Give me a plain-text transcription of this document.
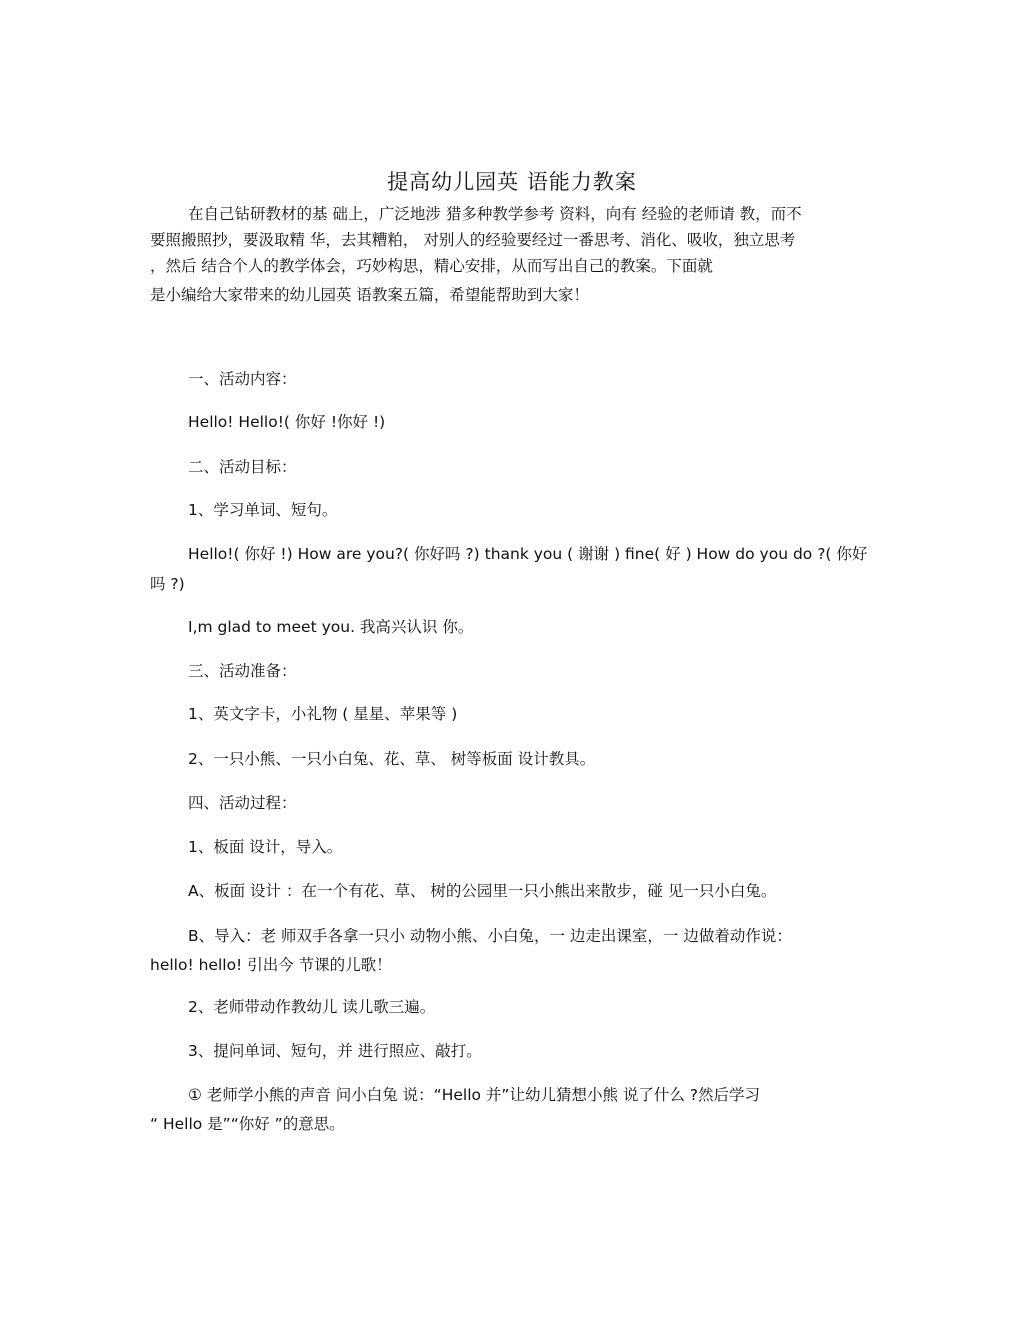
提高幼儿园英 语能力教案
在自己钻研教材的基 础上，广泛地涉 猎多种教学参考 资料，向有 经验的老师请 教，而不
要照搬照抄，要汲取精 华，去其糟粕， 对别人的经验要经过一番思考、消化、吸收，独立思考
，然后 结合个人的教学体会，巧妙构思，精心安排，从而写出自己的教案。下面就
是小编给大家带来的幼儿园英 语教案五篇，希望能帮助到大家！
一、活动内容：
Hello! Hello!( 你好 !你好 !)
二、活动目标：
1、学习单词、短句。
Hello!( 你好 !) How are you?( 你好吗 ?) thank you ( 谢谢 ) fine( 好 ) How do you do ?( 你好
吗 ?)
I,m glad to meet you. 我高兴认识 你。
三、活动准备：
1、英文字卡，小礼物 ( 星星、苹果等 )
2、一只小熊、一只小白兔、花、草、 树等板面 设计教具。
四、活动过程：
1、板面 设计，导入。
A、板面 设计 ：在一个有花、草、 树的公园里一只小熊出来散步，碰 见一只小白兔。
B、导入：老 师双手各拿一只小 动物小熊、小白兔，一 边走出课室，一 边做着动作说：
hello! hello! 引出今 节课的儿歌！
2、老师带动作教幼儿 读儿歌三遍。
3、提问单词、短句，并 进行照应、敲打。
① 老师学小熊的声音 问小白兔 说：“Hello 并”让幼儿猜想小熊 说了什么 ?然后学习
“ Hello 是”“你好 ”的意思。
